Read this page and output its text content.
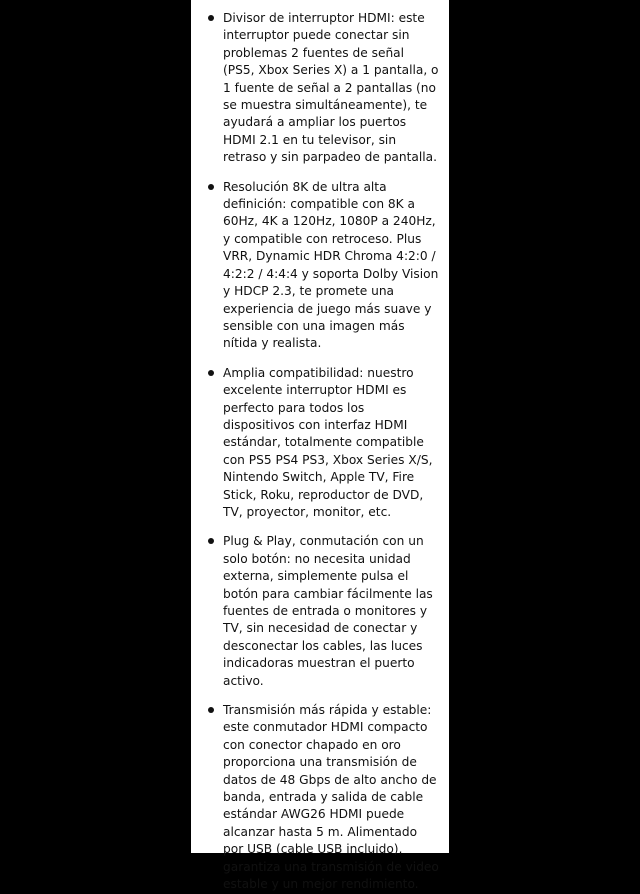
Divisor de interruptor HDMI: este interruptor puede conectar sin problemas 2 fuentes de señal (PS5, Xbox Series X) a 1 pantalla, o 1 fuente de señal a 2 pantallas (no se muestra simultáneamente), te ayudará a ampliar los puertos HDMI 2.1 en tu televisor, sin retraso y sin parpadeo de pantalla.
Resolución 8K de ultra alta definición: compatible con 8K a 60Hz, 4K a 120Hz, 1080P a 240Hz, y compatible con retroceso. Plus VRR, Dynamic HDR Chroma 4:2:0 / 4:2:2 / 4:4:4 y soporta Dolby Vision y HDCP 2.3, te promete una experiencia de juego más suave y sensible con una imagen más nítida y realista.
Amplia compatibilidad: nuestro excelente interruptor HDMI es perfecto para todos los dispositivos con interfaz HDMI estándar, totalmente compatible con PS5 PS4 PS3, Xbox Series X/S, Nintendo Switch, Apple TV, Fire Stick, Roku, reproductor de DVD, TV, proyector, monitor, etc.
Plug & Play, conmutación con un solo botón: no necesita unidad externa, simplemente pulsa el botón para cambiar fácilmente las fuentes de entrada o monitores y TV, sin necesidad de conectar y desconectar los cables, las luces indicadoras muestran el puerto activo.
Transmisión más rápida y estable: este conmutador HDMI compacto con conector chapado en oro proporciona una transmisión de datos de 48 Gbps de alto ancho de banda, entrada y salida de cable estándar AWG26 HDMI puede alcanzar hasta 5 m. Alimentado por USB (cable USB incluido), garantiza una transmisión de video estable y un mejor rendimiento.
